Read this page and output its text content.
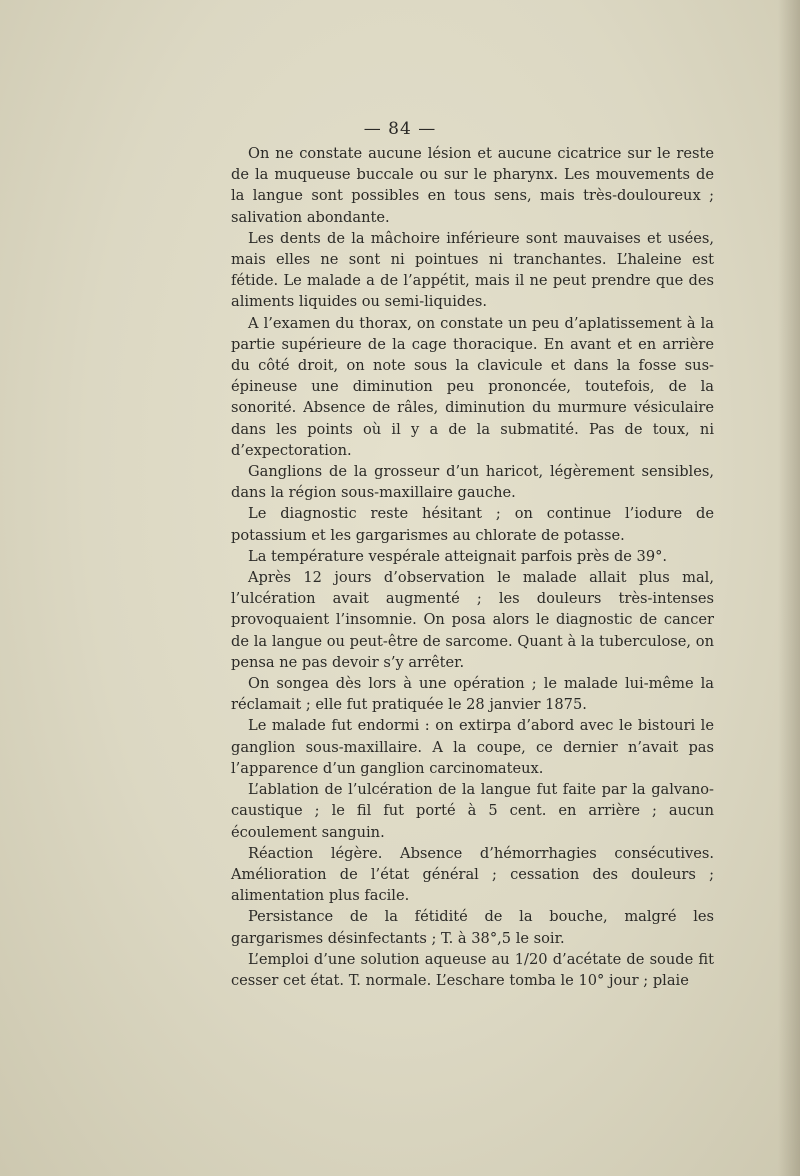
— 84 —

On ne constate aucune lésion et aucune cicatrice sur le reste de la muqueuse buccale ou sur le pharynx. Les mouvements de la langue sont possibles en tous sens, mais très-douloureux ; salivation abondante.

Les dents de la mâchoire inférieure sont mauvaises et usées, mais elles ne sont ni pointues ni tranchantes. L’haleine est fétide. Le malade a de l’appétit, mais il ne peut prendre que des aliments liquides ou semi-liquides.

A l’examen du thorax, on constate un peu d’aplatissement à la partie supérieure de la cage thoracique. En avant et en arrière du côté droit, on note sous la clavicule et dans la fosse sus-épineuse une diminution peu prononcée, toutefois, de la sonorité. Absence de râles, diminution du murmure vésiculaire dans les points où il y a de la submatité. Pas de toux, ni d’expectoration.

Ganglions de la grosseur d’un haricot, légèrement sensibles, dans la région sous-maxillaire gauche.

Le diagnostic reste hésitant ; on continue l’iodure de potassium et les gargarismes au chlorate de potasse.

La température vespérale atteignait parfois près de 39°.

Après 12 jours d’observation le malade allait plus mal, l’ulcération avait augmenté ; les douleurs très-intenses provoquaient l’insomnie. On posa alors le diagnostic de cancer de la langue ou peut-être de sarcome. Quant à la tuberculose, on pensa ne pas devoir s’y arrêter.

On songea dès lors à une opération ; le malade lui-même la réclamait ; elle fut pratiquée le 28 janvier 1875.

Le malade fut endormi : on extirpa d’abord avec le bistouri le ganglion sous-maxillaire. A la coupe, ce dernier n’avait pas l’apparence d’un ganglion carcinomateux.

L’ablation de l’ulcération de la langue fut faite par la galvano-caustique ; le fil fut porté à 5 cent. en arrière ; aucun écoulement sanguin.

Réaction légère. Absence d’hémorrhagies consécutives. Amélioration de l’état général ; cessation des douleurs ; alimentation plus facile.

Persistance de la fétidité de la bouche, malgré les gargarismes désinfectants ; T. à 38°,5 le soir.

L’emploi d’une solution aqueuse au 1/20 d’acétate de soude fit cesser cet état. T. normale. L’eschare tomba le 10° jour ; plaie
